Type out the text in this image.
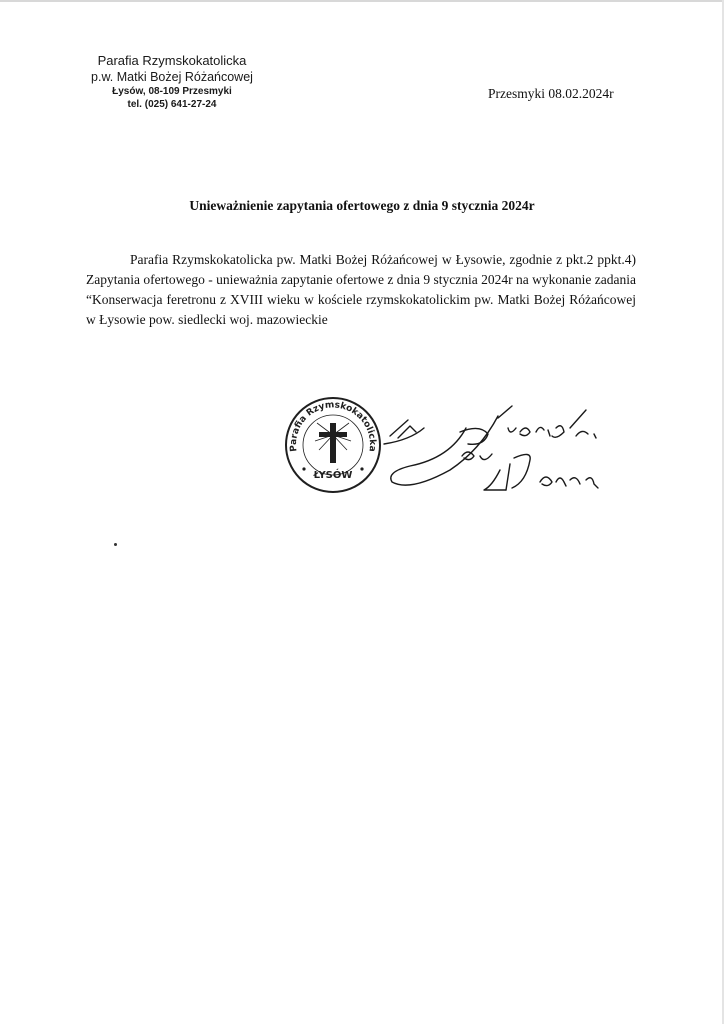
Parafia Rzymskokatolicka
p.w. Matki Bożej Różańcowej
Łysów, 08-109 Przesmyki
tel. (025) 641-27-24
Przesmyki 08.02.2024r
Unieważnienie zapytania ofertowego z dnia 9 stycznia 2024r
Parafia Rzymskokatolicka pw. Matki Bożej Różańcowej w Łysowie, zgodnie z pkt.2 ppkt.4) Zapytania ofertowego - unieważnia zapytanie ofertowe z dnia 9 stycznia 2024r na wykonanie zadania “Konserwacja feretronu z XVIII wieku w kościele rzymskokatolickim pw. Matki Bożej Różańcowej w Łysowie pow. siedlecki woj. mazowieckie
Parafia Rzymskokatolicka
ŁYSÓW
